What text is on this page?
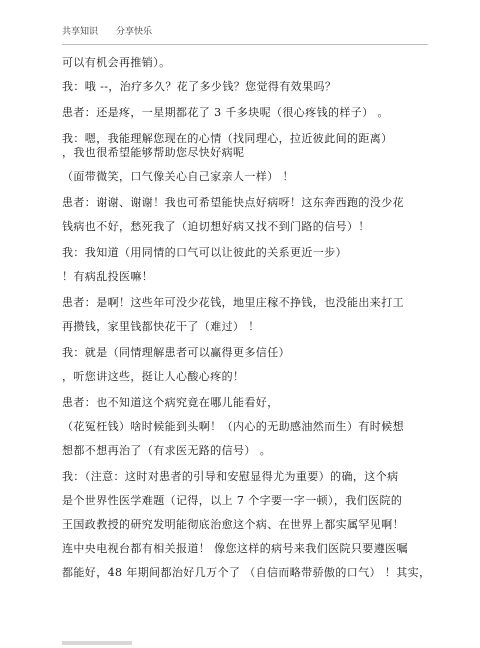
共享知识 分享快乐
可以有机会再推销）。
我：哦 --，治疗多久？花了多少钱？您觉得有效果吗？
患者：还是疼，一星期都花了 3 千多块呢（很心疼钱的样子） 。
我：嗯，我能理解您现在的心情（找同理心，拉近彼此间的距离）
，我也很希望能够帮助您尽快好病呢
（面带微笑，口气像关心自己家亲人一样） ！
患者：谢谢、谢谢！我也可希望能快点好病呀！这东奔西跑的没少花
钱病也不好，愁死我了（迫切想好病又找不到门路的信号）！
我：我知道（用同情的口气可以让彼此的关系更近一步）
！有病乱投医嘛！
患者：是啊！这些年可没少花钱，地里庄稼不挣钱，也没能出来打工
再攒钱，家里钱都快花干了（难过） ！
我：就是（同情理解患者可以赢得更多信任）
，听您讲这些，挺让人心酸心疼的！
患者：也不知道这个病究竟在哪儿能看好，
（花冤枉钱）啥时候能到头啊！（内心的无助感油然而生）有时候想
想都不想再治了（有求医无路的信号） 。
我：（注意：这时对患者的引导和安慰显得尤为重要）的确，这个病
是个世界性医学难题（记得，以上 7 个字要一字一顿），我们医院的
王国政教授的研究发明能彻底治愈这个病、在世界上都实属罕见啊！
连中央电视台都有相关报道！ 像您这样的病号来我们医院只要遵医嘱
都能好，48 年期间都治好几万个了 （自信而略带骄傲的口气） ！其实，
